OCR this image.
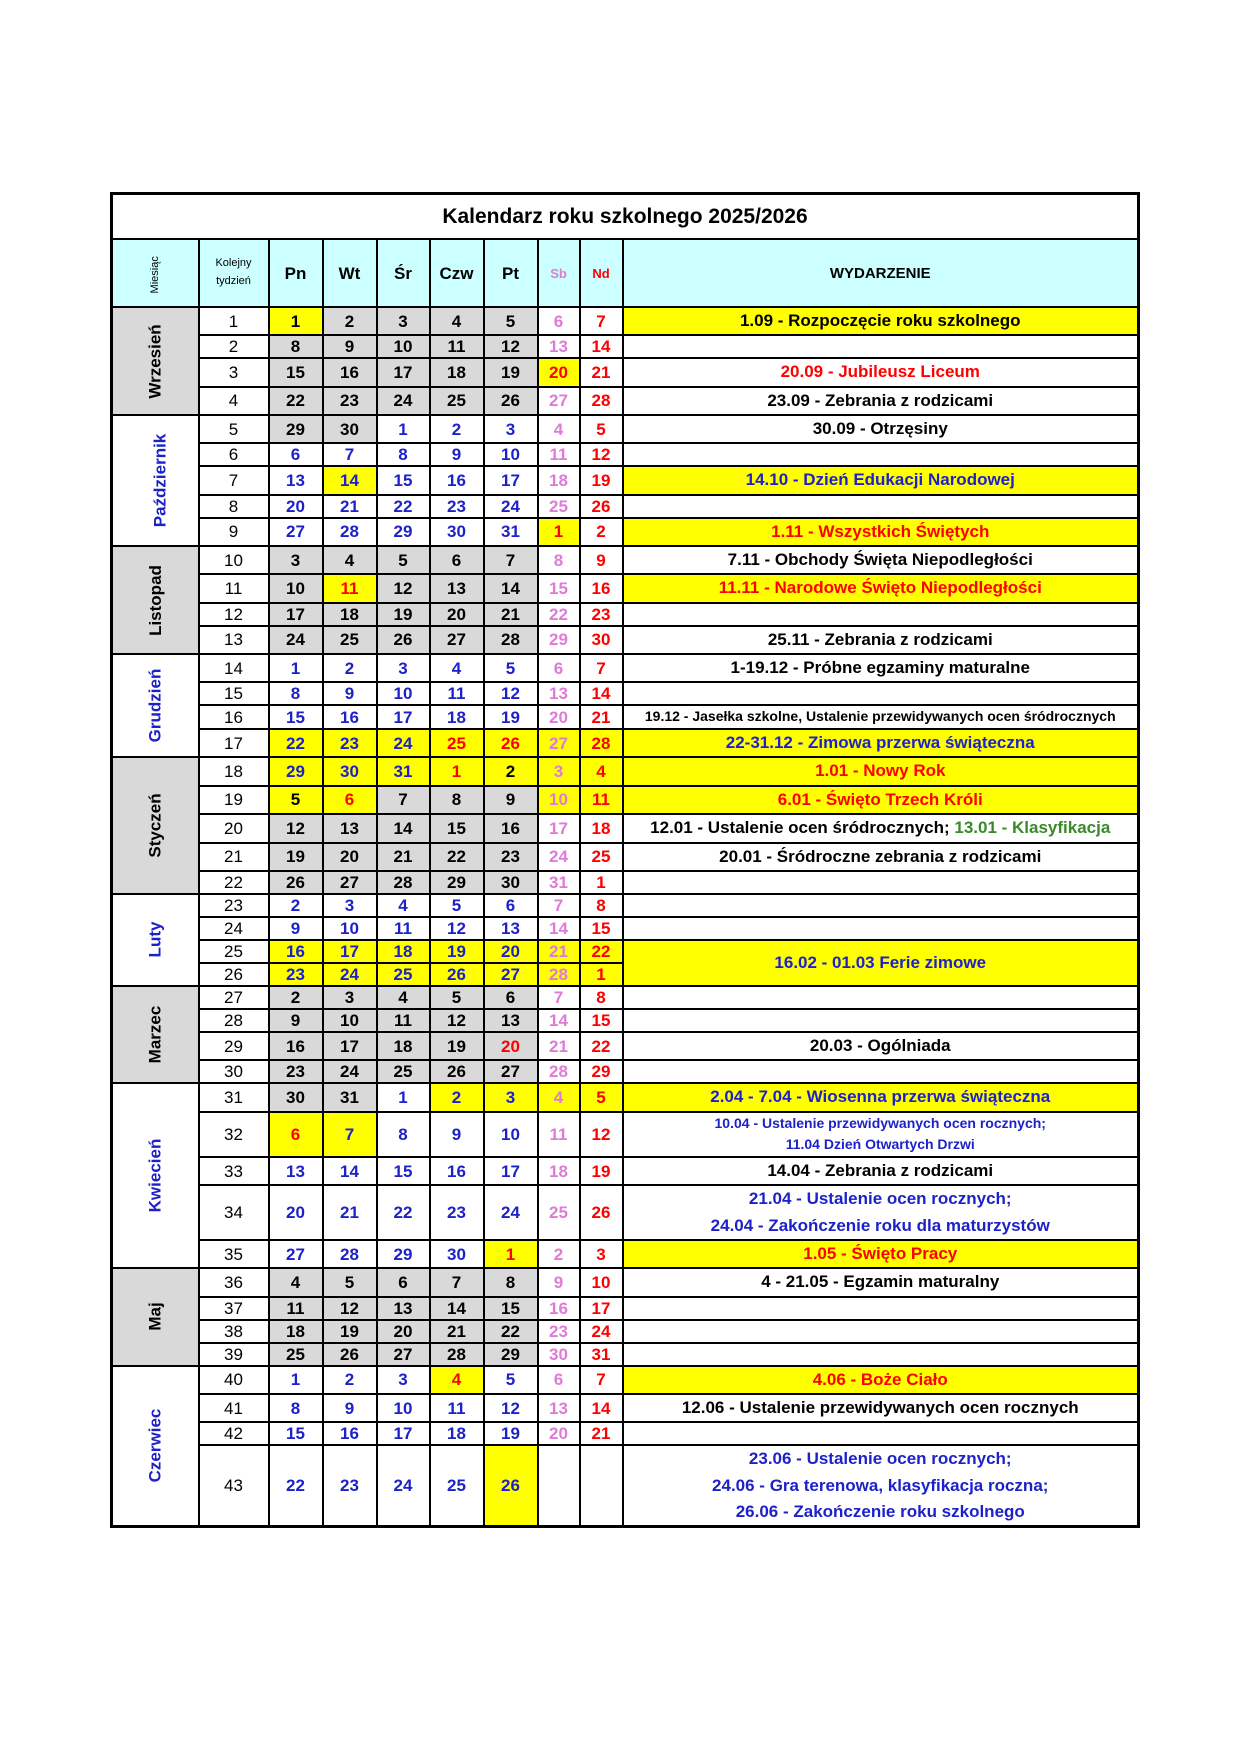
Kalendarz roku szkolnego 2025/2026									
Miesiąc	Kolejny
tydzień	Pn	Wt	Śr	Czw	Pt	Sb	Nd	WYDARZENIE
Wrzesień	1	1	2	3	4	5	6	7	1.09 - Rozpoczęcie roku szkolnego
	2	8	9	10	11	12	13	14	
	3	15	16	17	18	19	20	21	20.09 - Jubileusz Liceum
	4	22	23	24	25	26	27	28	23.09 - Zebrania z rodzicami
Październik	5	29	30	1	2	3	4	5	30.09 - Otrzęsiny
	6	6	7	8	9	10	11	12	
	7	13	14	15	16	17	18	19	14.10 - Dzień Edukacji Narodowej
	8	20	21	22	23	24	25	26	
	9	27	28	29	30	31	1	2	1.11 - Wszystkich Świętych
Listopad	10	3	4	5	6	7	8	9	7.11 - Obchody Święta Niepodległości
	11	10	11	12	13	14	15	16	11.11 - Narodowe Święto Niepodległości
	12	17	18	19	20	21	22	23	
	13	24	25	26	27	28	29	30	25.11 - Zebrania z rodzicami
Grudzień	14	1	2	3	4	5	6	7	1-19.12 - Próbne egzaminy maturalne
	15	8	9	10	11	12	13	14	
	16	15	16	17	18	19	20	21	19.12 - Jasełka szkolne, Ustalenie przewidywanych ocen śródrocznych
	17	22	23	24	25	26	27	28	22-31.12 - Zimowa przerwa świąteczna
Styczeń	18	29	30	31	1	2	3	4	1.01 - Nowy Rok
	19	5	6	7	8	9	10	11	6.01 - Święto Trzech Króli
	20	12	13	14	15	16	17	18	12.01 - Ustalenie ocen śródrocznych; 13.01 - Klasyfikacja
	21	19	20	21	22	23	24	25	20.01 - Śródroczne zebrania z rodzicami
	22	26	27	28	29	30	31	1	
Luty	23	2	3	4	5	6	7	8	
	24	9	10	11	12	13	14	15	
	25	16	17	18	19	20	21	22	16.02 - 01.03 Ferie zimowe
	26	23	24	25	26	27	28	1	
Marzec	27	2	3	4	5	6	7	8	
	28	9	10	11	12	13	14	15	
	29	16	17	18	19	20	21	22	20.03 - Ogólniada
	30	23	24	25	26	27	28	29	
Kwiecień	31	30	31	1	2	3	4	5	2.04 - 7.04 - Wiosenna przerwa świąteczna
	32	6	7	8	9	10	11	12	10.04 - Ustalenie przewidywanych ocen rocznych;
11.04 Dzień Otwartych Drzwi
	33	13	14	15	16	17	18	19	14.04 - Zebrania z rodzicami
	34	20	21	22	23	24	25	26	21.04 - Ustalenie ocen rocznych;
24.04 - Zakończenie roku dla maturzystów
	35	27	28	29	30	1	2	3	1.05 - Święto Pracy
Maj	36	4	5	6	7	8	9	10	4 - 21.05 - Egzamin maturalny
	37	11	12	13	14	15	16	17	
	38	18	19	20	21	22	23	24	
	39	25	26	27	28	29	30	31	
Czerwiec	40	1	2	3	4	5	6	7	4.06 - Boże Ciało
	41	8	9	10	11	12	13	14	12.06 - Ustalenie przewidywanych ocen rocznych
	42	15	16	17	18	19	20	21	
	43	22	23	24	25	26			23.06 - Ustalenie ocen rocznych;
24.06 - Gra terenowa, klasyfikacja roczna;
26.06 - Zakończenie roku szkolnego
